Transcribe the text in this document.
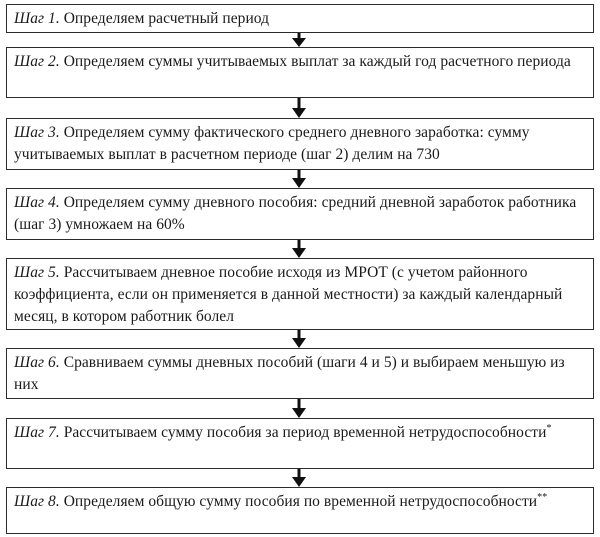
Шаг 1. Определяем расчетный период
Шаг 2. Определяем суммы учитываемых выплат за каждый год расчетного периода
Шаг 3. Определяем сумму фактического среднего дневного заработка: сумму учитываемых выплат в расчетном периоде (шаг 2) делим на 730
Шаг 4. Определяем сумму дневного пособия: средний дневной заработок работника (шаг 3) умножаем на 60%
Шаг 5. Рассчитываем дневное пособие исходя из МРОТ (с учетом районного коэффициента, если он применяется в данной местности) за каждый календарный месяц, в котором работник болел
Шаг 6. Сравниваем суммы дневных пособий (шаги 4 и 5) и выбираем меньшую из них
Шаг 7. Рассчитываем сумму пособия за период временной нетрудоспособности*
Шаг 8. Определяем общую сумму пособия по временной нетрудоспособности**
